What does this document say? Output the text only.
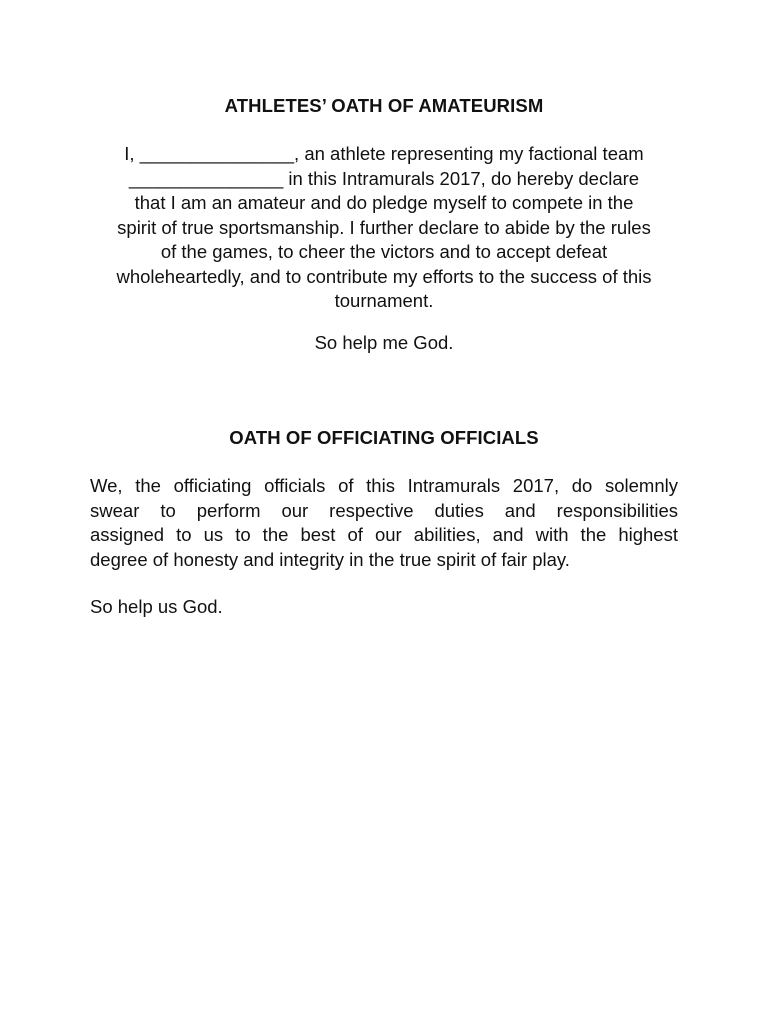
ATHLETES’ OATH OF AMATEURISM
I, _______________, an athlete representing my factional team
_______________ in this Intramurals 2017, do hereby declare
that I am an amateur and do pledge myself to compete in the
spirit of true sportsmanship. I further declare to abide by the rules
of the games, to cheer the victors and to accept defeat
wholeheartedly, and to contribute my efforts to the success of this
tournament.
So help me God.
OATH OF OFFICIATING OFFICIALS
We, the officiating officials of this Intramurals 2017, do solemnly
swear to perform our respective duties and responsibilities
assigned to us to the best of our abilities, and with the highest
degree of honesty and integrity in the true spirit of fair play.
So help us God.
